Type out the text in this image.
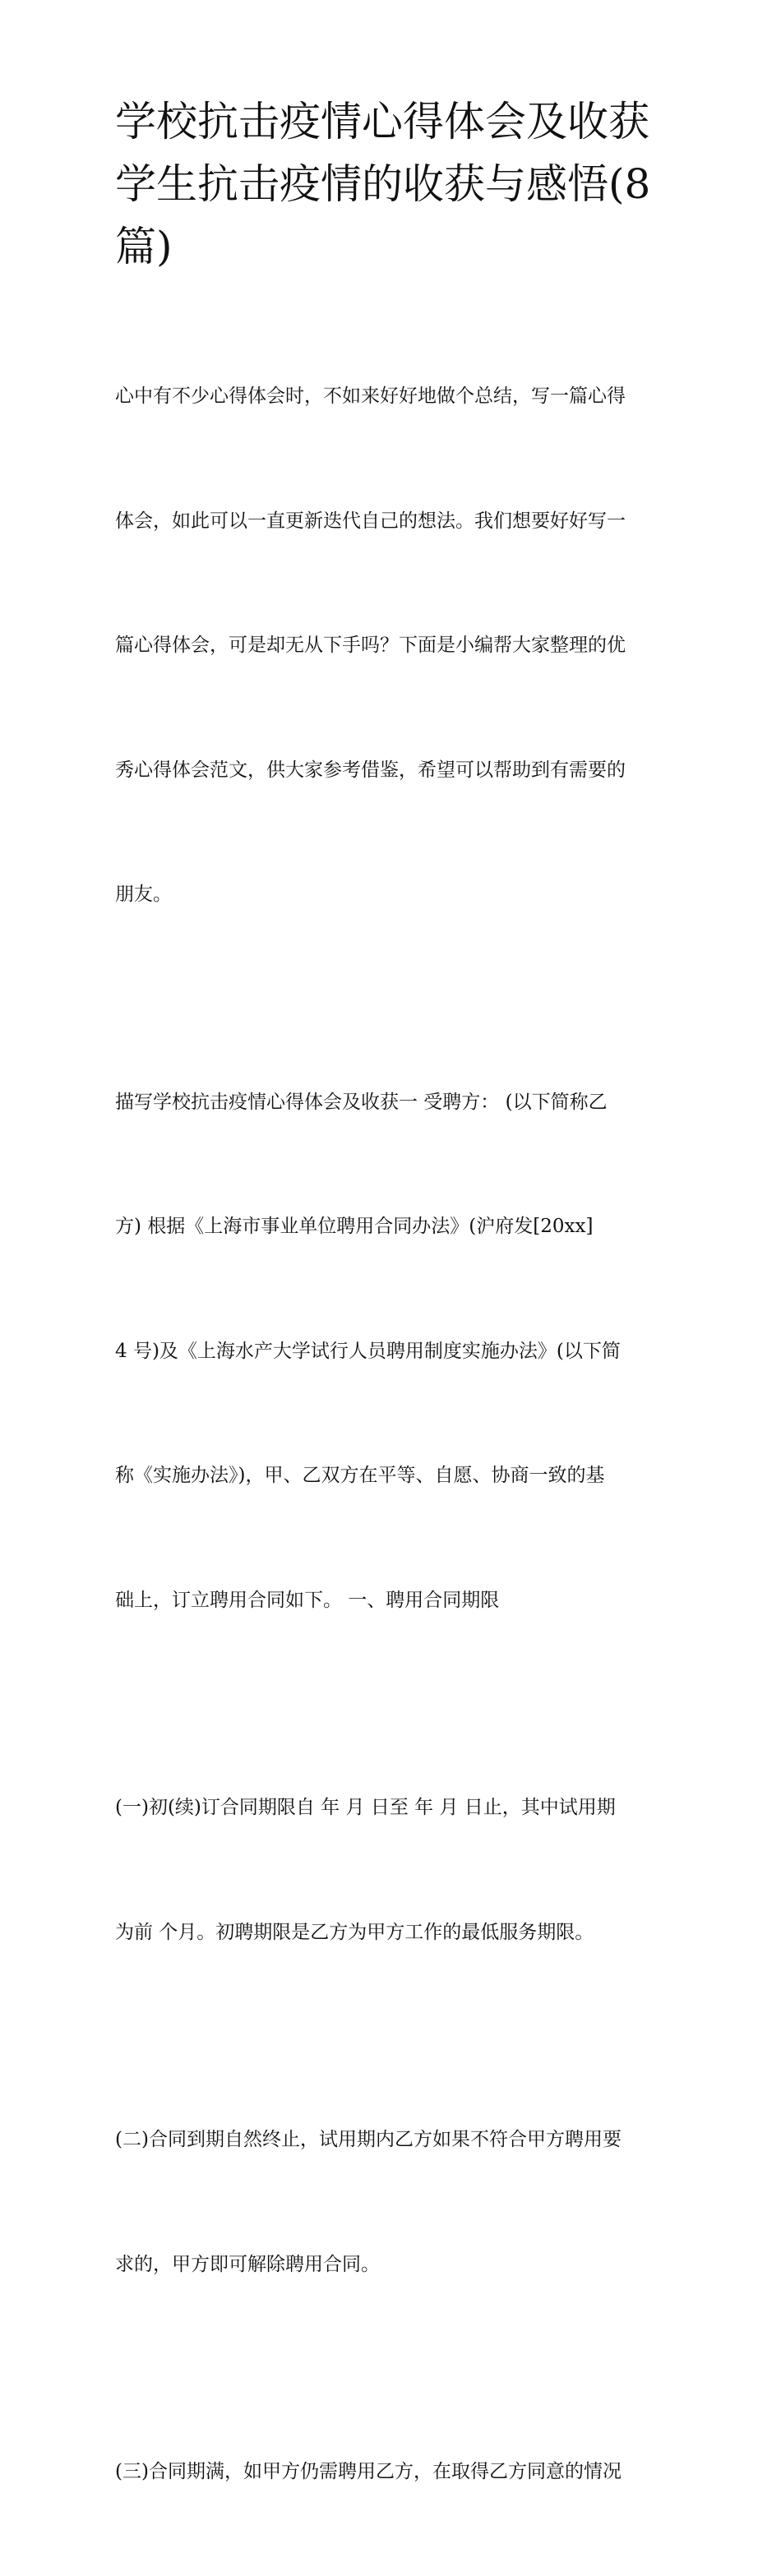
学校抗击疫情心得体会及收获
学生抗击疫情的收获与感悟(8
篇)

心中有不少心得体会时，不如来好好地做个总结，写一篇心得

体会，如此可以一直更新迭代自己的想法。我们想要好好写一

篇心得体会，可是却无从下手吗？下面是小编帮大家整理的优

秀心得体会范文，供大家参考借鉴，希望可以帮助到有需要的

朋友。

描写学校抗击疫情心得体会及收获一 受聘方： (以下简称乙

方) 根据《上海市事业单位聘用合同办法》(沪府发[20xx]

4 号)及《上海水产大学试行人员聘用制度实施办法》(以下简

称《实施办法》)，甲、乙双方在平等、自愿、协商一致的基

础上，订立聘用合同如下。 一、聘用合同期限

(一)初(续)订合同期限自 年 月 日至 年 月 日止，其中试用期

为前 个月。初聘期限是乙方为甲方工作的最低服务期限。

(二)合同到期自然终止，试用期内乙方如果不符合甲方聘用要

求的，甲方即可解除聘用合同。

(三)合同期满，如甲方仍需聘用乙方，在取得乙方同意的情况
